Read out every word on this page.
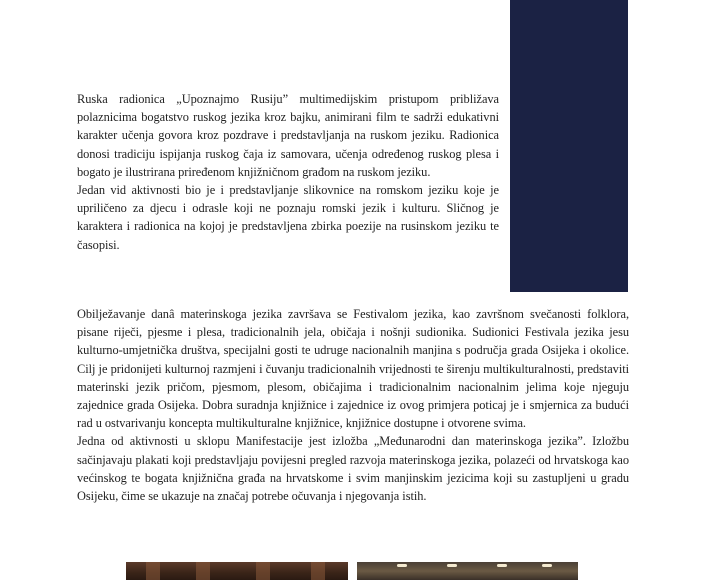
Ruska radionica „Upoznajmo Rusiju” multimedijskim pristupom približava polaznicima bogatstvo ruskog jezika kroz bajku, animirani film te sadrži edukativni karakter učenja govora kroz pozdrave i predstavljanja na ruskom jeziku. Radionica donosi tradiciju ispijanja ruskog čaja iz samovara, učenja određenog ruskog plesa i bogato je ilustrirana priređenom knjižničnom građom na ruskom jeziku.

Jedan vid aktivnosti bio je i predstavljanje slikovnice na romskom jeziku koje je upriličeno za djecu i odrasle koji ne poznaju romski jezik i kulturu. Sličnog je karaktera i radionica na kojoj je predstavljena zbirka poezije na rusinskom jeziku te časopisi.

Obilježavanje danâ materinskoga jezika završava se Festivalom jezika, kao završnom svečanosti folklora, pisane riječi, pjesme i plesa, tradicionalnih jela, običaja i nošnji sudionika. Sudionici Festivala jezika jesu kulturno-umjetnička društva, specijalni gosti te udruge nacionalnih manjina s područja grada Osijeka i okolice. Cilj je pridonijeti kulturnoj razmjeni i čuvanju tradicionalnih vrijednosti te širenju multikulturalnosti, predstaviti materinski jezik pričom, pjesmom, plesom, običajima i tradicionalnim nacionalnim jelima koje njeguju zajednice grada Osijeka. Dobra suradnja knjižnice i zajednice iz ovog primjera poticaj je i smjernica za budući rad u ostvarivanju koncepta multikulturalne knjižnice, knjižnice dostupne i otvorene svima.

Jedna od aktivnosti u sklopu Manifestacije jest izložba „Međunarodni dan materinskoga jezika”. Izložbu sačinjavaju plakati koji predstavljaju povijesni pregled razvoja materinskoga jezika, polazeći od hrvatskoga kao većinskog te bogata knjižnična građa na hrvatskome i svim manjinskim jezicima koji su zastupljeni u gradu Osijeku, čime se ukazuje na značaj potrebe očuvanja i njegovanja istih.
